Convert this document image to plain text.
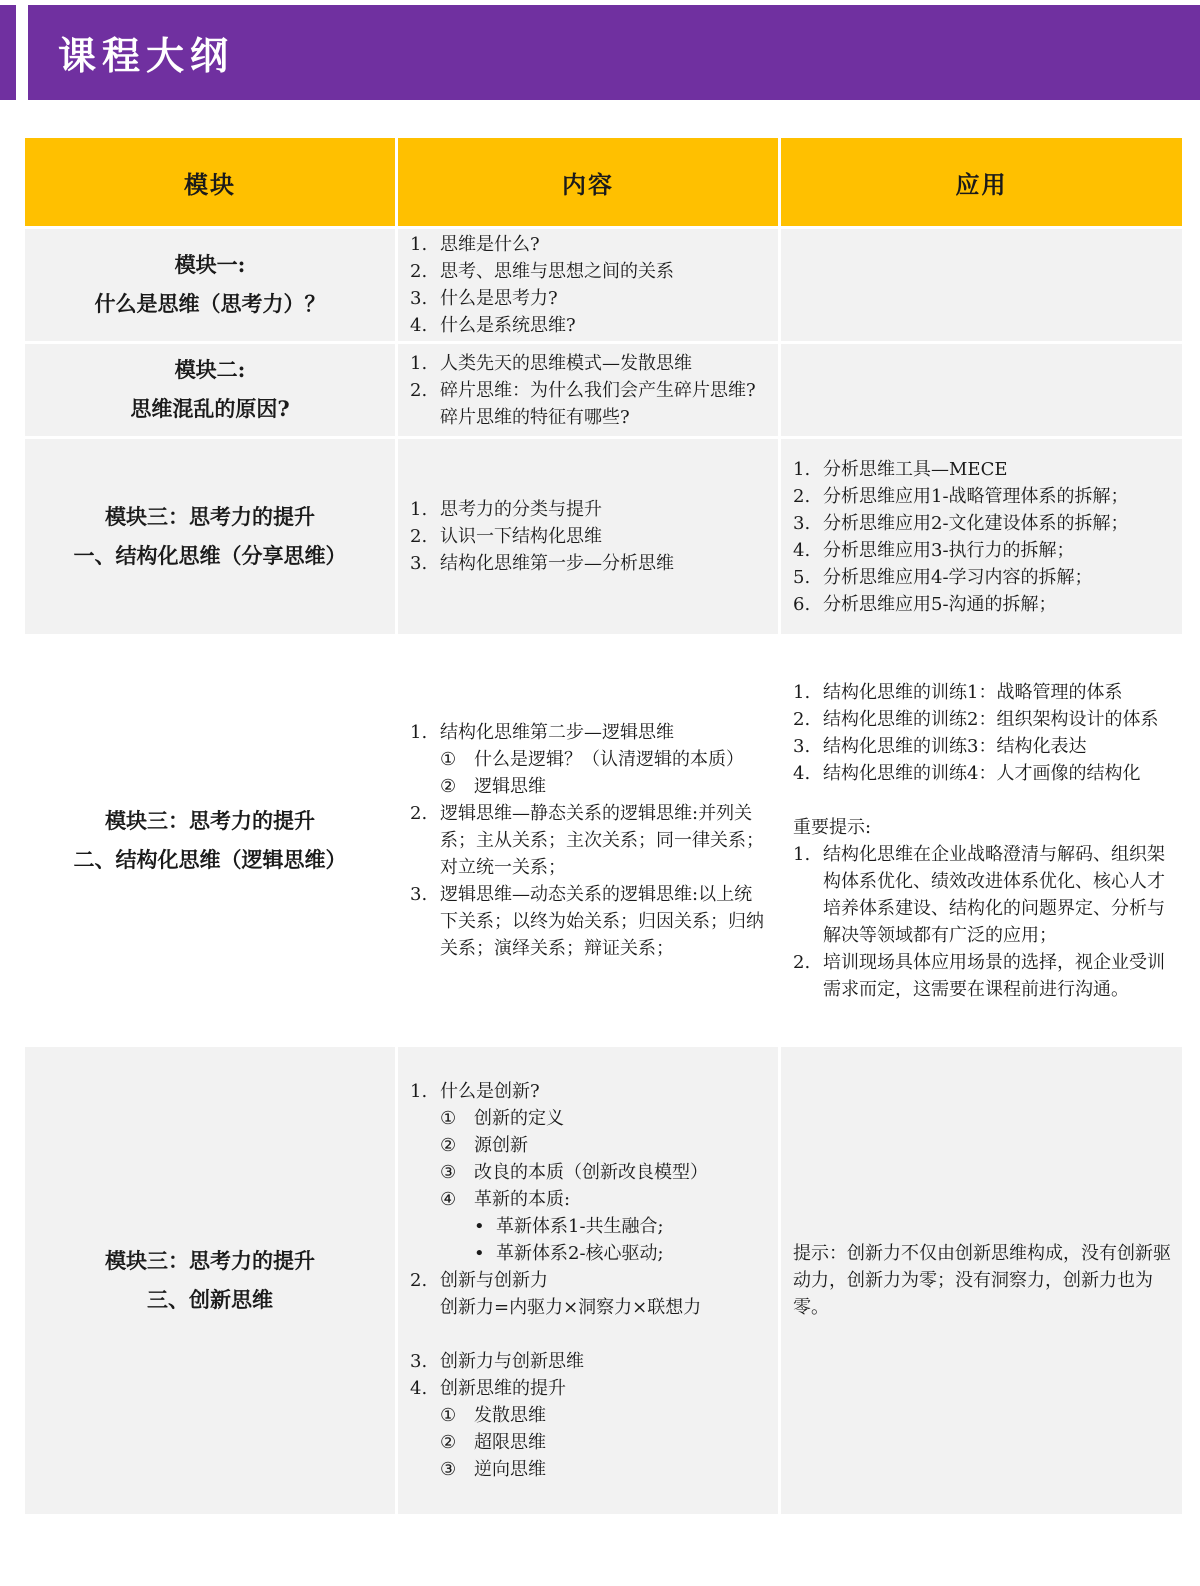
课程大纲
模块	内容	应用
模块一:
什么是思维（思考力）？
1. 思维是什么?
2. 思考、思维与思想之间的关系
3. 什么是思考力?
4. 什么是系统思维?
模块二:
思维混乱的原因?
1. 人类先天的思维模式—发散思维
2. 碎片思维：为什么我们会产生碎片思维? 碎片思维的特征有哪些?
模块三：思考力的提升
一、结构化思维（分享思维）
1. 思考力的分类与提升
2. 认识一下结构化思维
3. 结构化思维第一步—分析思维
1. 分析思维工具—MECE
2. 分析思维应用1-战略管理体系的拆解；
3. 分析思维应用2-文化建设体系的拆解；
4. 分析思维应用3-执行力的拆解；
5. 分析思维应用4-学习内容的拆解；
6. 分析思维应用5-沟通的拆解；
模块三：思考力的提升
二、结构化思维（逻辑思维）
1. 结构化思维第二步—逻辑思维
① 什么是逻辑？（认清逻辑的本质）
② 逻辑思维
2. 逻辑思维—静态关系的逻辑思维:并列关系；主从关系；主次关系；同一律关系；对立统一关系；
3. 逻辑思维—动态关系的逻辑思维:以上统下关系；以终为始关系；归因关系；归纳关系；演绎关系；辩证关系；
1. 结构化思维的训练1：战略管理的体系
2. 结构化思维的训练2：组织架构设计的体系
3. 结构化思维的训练3：结构化表达
4. 结构化思维的训练4：人才画像的结构化
重要提示:
1. 结构化思维在企业战略澄清与解码、组织架构体系优化、绩效改进体系优化、核心人才培养体系建设、结构化的问题界定、分析与解决等领域都有广泛的应用；
2. 培训现场具体应用场景的选择，视企业受训需求而定，这需要在课程前进行沟通。
模块三：思考力的提升
三、创新思维
1. 什么是创新?
① 创新的定义
② 源创新
③ 改良的本质（创新改良模型）
④ 革新的本质:
• 革新体系1-共生融合;
• 革新体系2-核心驱动;
2. 创新与创新力
创新力=内驱力×洞察力×联想力
3. 创新力与创新思维
4. 创新思维的提升
① 发散思维
② 超限思维
③ 逆向思维
提示：创新力不仅由创新思维构成，没有创新驱动力，创新力为零；没有洞察力，创新力也为零。
